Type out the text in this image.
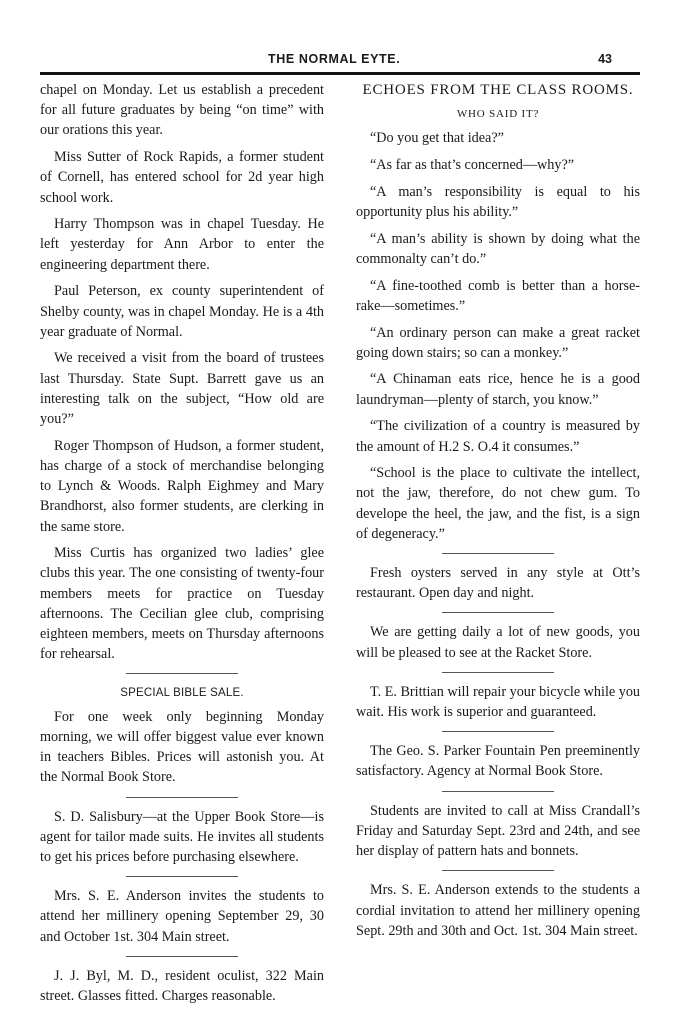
THE NORMAL EYTE.	43

chapel on Monday. Let us establish a precedent for all future graduates by being “on time” with our orations this year.

Miss Sutter of Rock Rapids, a former student of Cornell, has entered school for 2d year high school work.

Harry Thompson was in chapel Tuesday. He left yesterday for Ann Arbor to enter the engineering department there.

Paul Peterson, ex county superintendent of Shelby county, was in chapel Monday. He is a 4th year graduate of Normal.

We received a visit from the board of trustees last Thursday. State Supt. Barrett gave us an interesting talk on the subject, “How old are you?”

Roger Thompson of Hudson, a former student, has charge of a stock of merchandise belonging to Lynch & Woods. Ralph Eighmey and Mary Brandhorst, also former students, are clerking in the same store.

Miss Curtis has organized two ladies’ glee clubs this year. The one consisting of twenty-four members meets for practice on Tuesday afternoons. The Cecilian glee club, comprising eighteen members, meets on Thursday afternoons for rehearsal.

SPECIAL BIBLE SALE.

For one week only beginning Monday morning, we will offer biggest value ever known in teachers Bibles. Prices will astonish you. At the Normal Book Store.

S. D. Salisbury—at the Upper Book Store—is agent for tailor made suits. He invites all students to get his prices before purchasing elsewhere.

Mrs. S. E. Anderson invites the students to attend her millinery opening September 29, 30 and October 1st. 304 Main street.

J. J. Byl, M. D., resident oculist, 322 Main street. Glasses fitted. Charges reasonable.

ECHOES FROM THE CLASS ROOMS.
WHO SAID IT?

“Do you get that idea?”

“As far as that’s concerned—why?”

“A man’s responsibility is equal to his opportunity plus his ability.”

“A man’s ability is shown by doing what the commonalty can’t do.”

“A fine-toothed comb is better than a horse-rake—sometimes.”

“An ordinary person can make a great racket going down stairs; so can a monkey.”

“A Chinaman eats rice, hence he is a good laundryman—plenty of starch, you know.”

“The civilization of a country is measured by the amount of H.2 S. O.4 it consumes.”

“School is the place to cultivate the intellect, not the jaw, therefore, do not chew gum. To develope the heel, the jaw, and the fist, is a sign of degeneracy.”

Fresh oysters served in any style at Ott’s restaurant. Open day and night.

We are getting daily a lot of new goods, you will be pleased to see at the Racket Store.

T. E. Brittian will repair your bicycle while you wait. His work is superior and guaranteed.

The Geo. S. Parker Fountain Pen preeminently satisfactory. Agency at Normal Book Store.

Students are invited to call at Miss Crandall’s Friday and Saturday Sept. 23rd and 24th, and see her display of pattern hats and bonnets.

Mrs. S. E. Anderson extends to the students a cordial invitation to attend her millinery opening Sept. 29th and 30th and Oct. 1st. 304 Main street.
